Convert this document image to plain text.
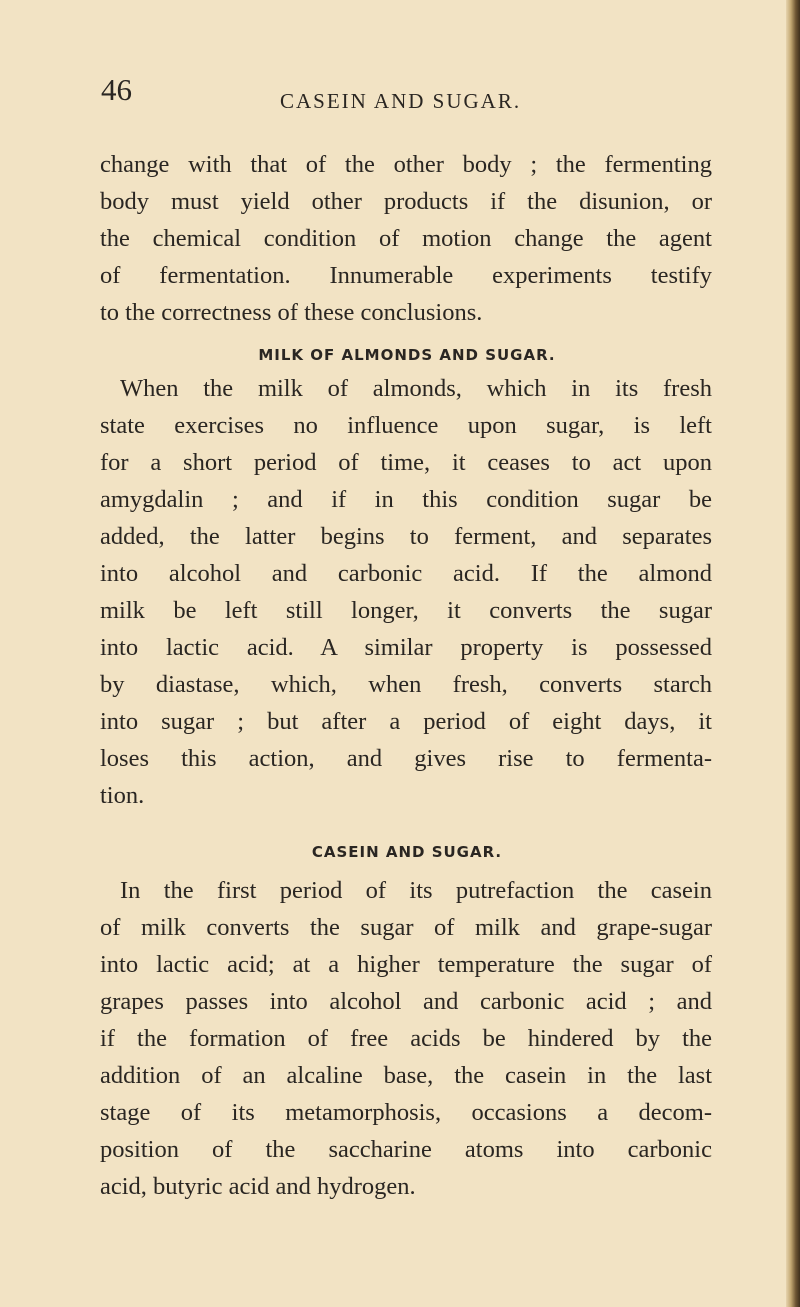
46	CASEIN AND SUGAR.

change with that of the other body ; the fermenting
body must yield other products if the disunion, or
the chemical condition of motion change the agent
of fermentation. Innumerable experiments testify
to the correctness of these conclusions.

MILK OF ALMONDS AND SUGAR.

When the milk of almonds, which in its fresh
state exercises no influence upon sugar, is left
for a short period of time, it ceases to act upon
amygdalin ; and if in this condition sugar be
added, the latter begins to ferment, and separates
into alcohol and carbonic acid. If the almond
milk be left still longer, it converts the sugar
into lactic acid. A similar property is possessed
by diastase, which, when fresh, converts starch
into sugar ; but after a period of eight days, it
loses this action, and gives rise to fermenta-
tion.

CASEIN AND SUGAR.

In the first period of its putrefaction the casein
of milk converts the sugar of milk and grape-sugar
into lactic acid; at a higher temperature the sugar of
grapes passes into alcohol and carbonic acid ; and
if the formation of free acids be hindered by the
addition of an alcaline base, the casein in the last
stage of its metamorphosis, occasions a decom-
position of the saccharine atoms into carbonic
acid, butyric acid and hydrogen.
